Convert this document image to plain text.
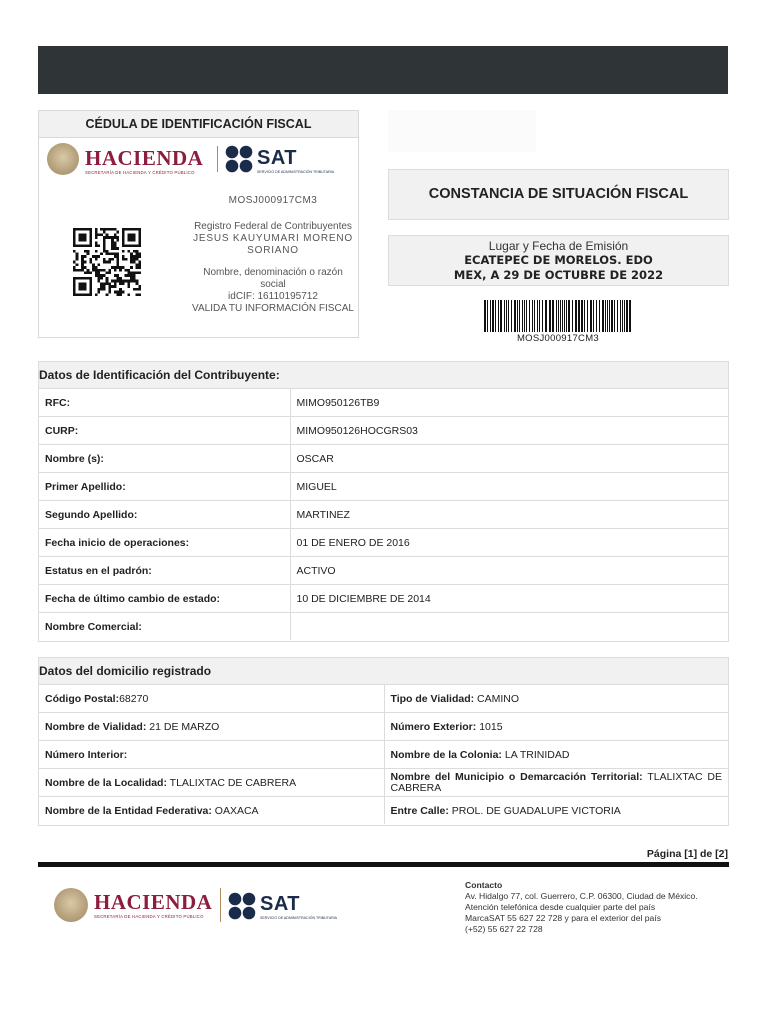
CÉDULA DE IDENTIFICACIÓN FISCAL
HACIENDA
SECRETARÍA DE HACIENDA Y CRÉDITO PÚBLICO
SAT
SERVICIO DE ADMINISTRACIÓN TRIBUTARIA
MOSJ000917CM3
Registro Federal de Contribuyentes
JESUS KAUYUMARI MORENO SORIANO
Nombre, denominación o razón social
idCIF: 16110195712
VALIDA TU INFORMACIÓN FISCAL
CONSTANCIA DE SITUACIÓN FISCAL
Lugar y Fecha de Emisión
ECATEPEC DE MORELOS. EDO MEX, A 29 DE OCTUBRE DE 2022
MOSJ000917CM3
Datos de Identificación del Contribuyente:
RFC:	MIMO950126TB9
CURP:	MIMO950126HOCGRS03
Nombre (s):	OSCAR
Primer Apellido:	MIGUEL
Segundo Apellido:	MARTINEZ
Fecha inicio de operaciones:	01 DE ENERO DE 2016
Estatus en el padrón:	ACTIVO
Fecha de último cambio de estado:	10 DE DICIEMBRE DE 2014
Nombre Comercial:	
Datos del domicilio registrado
Código Postal:68270	Tipo de Vialidad: CAMINO
Nombre de Vialidad: 21 DE MARZO	Número Exterior: 1015
Número Interior:	Nombre de la Colonia: LA TRINIDAD
Nombre de la Localidad: TLALIXTAC DE CABRERA	Nombre del Municipio o Demarcación Territorial: TLALIXTAC DE CABRERA
Nombre de la Entidad Federativa: OAXACA	Entre Calle: PROL. DE GUADALUPE VICTORIA
Página [1] de [2]
HACIENDA
SECRETARÍA DE HACIENDA Y CRÉDITO PÚBLICO
SAT
SERVICIO DE ADMINISTRACIÓN TRIBUTARIA
Contacto
Av. Hidalgo 77, col. Guerrero, C.P. 06300, Ciudad de México.
Atención telefónica desde cualquier parte del país
MarcaSAT 55 627 22 728 y para el exterior del país
(+52) 55 627 22 728
